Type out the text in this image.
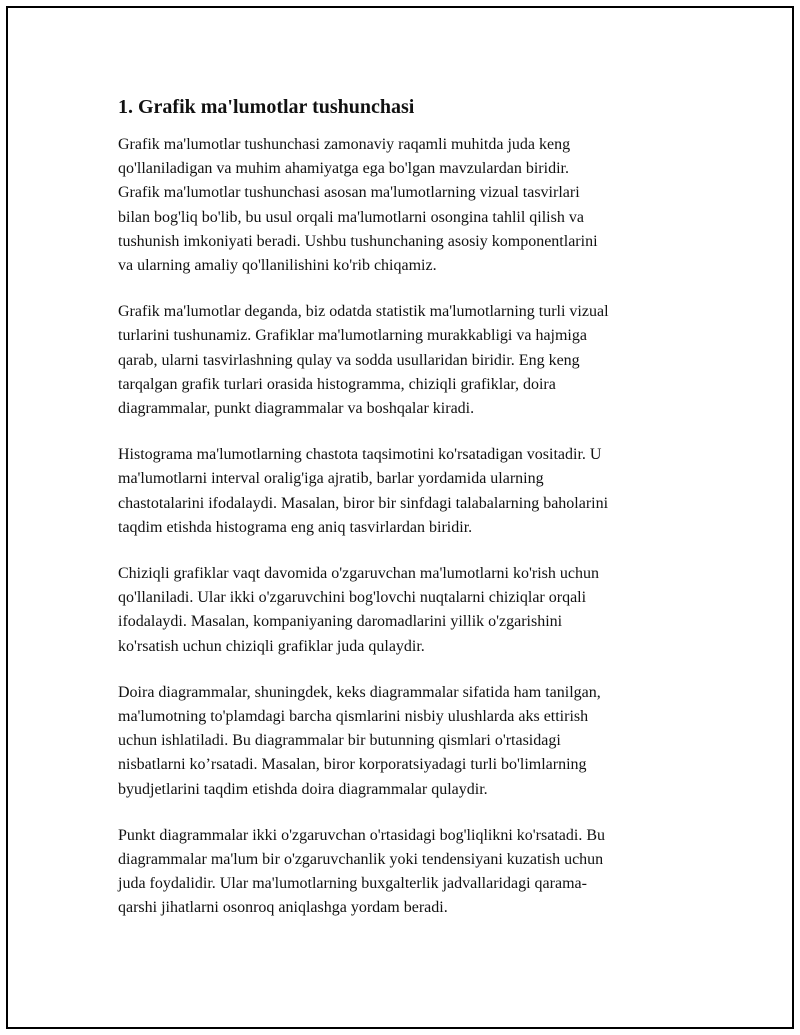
1. Grafik ma'lumotlar tushunchasi

Grafik ma'lumotlar tushunchasi zamonaviy raqamli muhitda juda keng
qo'llaniladigan va muhim ahamiyatga ega bo'lgan mavzulardan biridir.
Grafik ma'lumotlar tushunchasi asosan ma'lumotlarning vizual tasvirlari
bilan bog'liq bo'lib, bu usul orqali ma'lumotlarni osongina tahlil qilish va
tushunish imkoniyati beradi. Ushbu tushunchaning asosiy komponentlarini
va ularning amaliy qo'llanilishini ko'rib chiqamiz.

Grafik ma'lumotlar deganda, biz odatda statistik ma'lumotlarning turli vizual
turlarini tushunamiz. Grafiklar ma'lumotlarning murakkabligi va hajmiga
qarab, ularni tasvirlashning qulay va sodda usullaridan biridir. Eng keng
tarqalgan grafik turlari orasida histogramma, chiziqli grafiklar, doira
diagrammalar, punkt diagrammalar va boshqalar kiradi.

Histograma ma'lumotlarning chastota taqsimotini ko'rsatadigan vositadir. U
ma'lumotlarni interval oralig'iga ajratib, barlar yordamida ularning
chastotalarini ifodalaydi. Masalan, biror bir sinfdagi talabalarning baholarini
taqdim etishda histograma eng aniq tasvirlardan biridir.

Chiziqli grafiklar vaqt davomida o'zgaruvchan ma'lumotlarni ko'rish uchun
qo'llaniladi. Ular ikki o'zgaruvchini bog'lovchi nuqtalarni chiziqlar orqali
ifodalaydi. Masalan, kompaniyaning daromadlarini yillik o'zgarishini
ko'rsatish uchun chiziqli grafiklar juda qulaydir.

Doira diagrammalar, shuningdek, keks diagrammalar sifatida ham tanilgan,
ma'lumotning to'plamdagi barcha qismlarini nisbiy ulushlarda aks ettirish
uchun ishlatiladi. Bu diagrammalar bir butunning qismlari o'rtasidagi
nisbatlarni ko’rsatadi. Masalan, biror korporatsiyadagi turli bo'limlarning
byudjetlarini taqdim etishda doira diagrammalar qulaydir.

Punkt diagrammalar ikki o'zgaruvchan o'rtasidagi bog'liqlikni ko'rsatadi. Bu
diagrammalar ma'lum bir o'zgaruvchanlik yoki tendensiyani kuzatish uchun
juda foydalidir. Ular ma'lumotlarning buxgalterlik jadvallaridagi qarama-
qarshi jihatlarni osonroq aniqlashga yordam beradi.
